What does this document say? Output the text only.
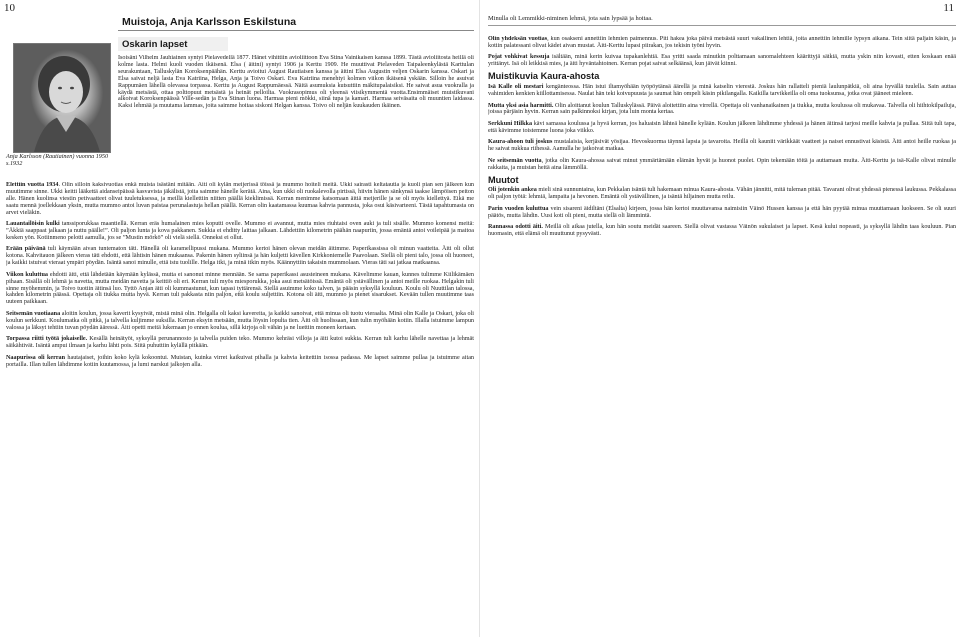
10	11
Muistoja, Anja Karlsson Eskilstuna
Oskarin lapset
Anja Karlsson (Rautiainen) vuonna 1950 s.1932

Isoisäni Vilhelm Jauhiainen syntyi Pielavedellä 1877. Hänet vihittiin avioliittoon Eva Stina Vainikaisen kanssa 1899. Tästä avioliitosta heillä oli kolme lasta. Helmi kuoli vuoden ikäisenä. Elsa ( äitini) syntyi 1906 ja Kerttu 1909. He muuttivat Pielaveden Taipaleenkylästä Karttulan seurakuntaan, Talluskylän Koroksenpäähän. Kerttu avioitui August Rautiaisen kanssa ja äitini Elsa Augustin veljen Oskarin kanssa. Oskari ja Elsa saivat neljä lasta Eva Katriina, Helga, Anja ja Toivo Oskari. Eva Katriina menehtyi kolmen viikon ikäisenä yskään. Silloin he asuivat Rappumäen lähellä olevassa torpassa. Kerttu ja August Rappumäessä. Näitä asumuksia kutsuttiin mäkitupalaisiksi. He saivat asua vuokralla ja käydä metsästä, ottaa polttopuut metsästä ja heinät pelloilta. Vuokrasopimus oli yleensä viisikymmentä vuotta.Ensimmäiset muistikuvani alkoivat Koroksenpäässä Ville-sedän ja Eva Stinan luona. Harmaa pieni mökki, siinä tupa ja kamari. Harmaa seiväsaita oli muuntien laidassa. Kaksi lehmää ja muutama lammas, joita saimme hoitaa siskoni Helgan kanssa. Toivo oli neljän kuukauden ikäinen.

Elettiin vuotta 1934. Olin silloin kaksivuotias enkä muista isästäni mitään. Äiti oli kylän meijerissä töissä ja mummo hoiteli meitä. Ukki sairasti keltatautia ja kuoli pian sen jälkeen kun muutimme sinne. Ukki keitti lääkettä aidanseipäissä kasvavista jäkälistä, joita saimme hänelle kerätä. Aina, kun ukki oli ruokalevolla pirtissä, hiivin hänen sänkynsä taakse lämpöisen peiton alle. Hänen kuolinsa viestin petivaatteet olivat tuuletuksessa, ja meillä kiellettiin niitten päällä kieklimissä. Kerran menimme katsomaan äitiä meijerille ja se oli myös kiellettyä. Eikä me saatu mennä joellekkaan yksin, mutta mummo antoi luvan paistaa perunalastuja hellan päällä. Kerran olin kaatamassa kuumaa kahvia pannusta, joka osui käsivarteeni. Tästä tapahtumasta on arvet vieläkin.

Lauantailöisin kulki tanssiporukkaa maantiellä. Kerran eräs humalainen mies koputti ovelle. Mummo ei avannut, mutta mies riuhtaisi oven auki ja tuli sisälle. Mummo komensi meitä: ”Äkkiä saappaat jalkaan ja nuttu päälle!”. Oli paljon lunta ja kova pakkanen. Sukkia ei ehditty laittaa jalkaan. Lähdettiin kilometrin päähän naapuriin, jossa emäntä antoi voileipää ja maitoa kesken yön. Kotiinmeno pelotti aamulla, jos se ”Mustin mörkö” oli vielä siellä. Onneksi ei ollut.

Erään päivänä tuli käymään aivan tuntematon täti. Hänellä oli karamellipussi mukana. Mummo kertoi hänen olevan meidän äitimme. Paperikassissa oli minun vaatteita. Äiti oli ollut kotona. Kahvitauon jälkeen vieras täti ehdotti, että lähtisin hänen mukaansa. Pakenin hänen syliinsä ja hän kuljetti kävellen Kirkkoniemelle Paavolaan. Siellä oli pieni talo, jossa oli huoneet, ja kaikki istuivat vieraat ympäri pöydän. Isäntä sanoi minulle, että istu tuolille. Helga itki, ja minä itkin myös. Käännyttiin takaisin mummolaan. Vieras täti sai jatkaa matkaansa.

Viikon kuluttua ehdotti äiti, että lähdetään käymään kylässä, mutta ei sanonut minne mennään. Se sama paperikassi asusteineen mukana. Kävelimme kauan, kunnes tulimme Kiilikämäen pihaan. Sisällä oli lehmä ja navetta, mutta meidän navetta ja keittiö oli eri. Kerran tuli myös miesporukka, joka asui metsätöissä. Emäntä oli ystävällinen ja antoi meille ruokaa. Helgakin tuli sinne myöhemmin, ja Toivo tuotiin äitinsä luo. Tyttö Anjan äiti oli kummastunut, kun tapasi tyttärensä. Siellä asuimme koko talven, ja pääsin syksyllä kouluun. Koulu oli Nuuttilan talossa, kahden kilometrin päässä. Opettaja oli tiukka mutta hyvä. Kerran tuli pakkasta niin paljon, että koulu suljettiin. Kotona oli äiti, mummo ja pienet sisarukset. Kevään tullen muutimme taas uuteen paikkaan.

Seitsemän vuotiaana aloitin koulun, jossa kaverit kysyivät, mistä minä olin. Helgalla oli kaksi kavereita, ja kaikki sanoivat, että minua oli tuotu vieraalta. Minä olin Kalle ja Oskari, joka oli koulun serkkuni. Koulumatka oli pitkä, ja talvella kuljimme suksilla. Kerran eksyin metsään, mutta löysin lopulta tien. Äiti oli huolissaan, kun tulin myöhään kotiin. Illalla istuimme lampun valossa ja läksyt tehtiin tuvan pöydän ääressä. Äiti opetti meitä lukemaan jo ennen koulua, sillä kirjoja oli vähän ja ne luettiin moneen kertaan.

Torpassa riitti työtä jokaiselle. Kesällä heinätyöt, syksyllä perunannosto ja talvella puiden teko. Mummo kehräsi villoja ja äiti kutoi sukkia. Kerran tuli karhu lähelle navettaa ja lehmät säikähtivät. Isäntä ampui ilmaan ja karhu lähti pois. Siitä puhuttiin kylällä pitkään.

Naapurissa oli kerran hautajaiset, joihin koko kylä kokoontui. Muistan, kuinka virret kaikuivat pihalla ja kahvia keitettiin isossa padassa. Me lapset saimme pullaa ja istuimme aitan portailla. Illan tullen lähdimme kotiin kuutamossa, ja lumi narskui jalkojen alla.

Minulla oli Lemmikki-niminen lehmä, jota sain lypsää ja hoitaa.

Olin yhdeksän vuotias, kun osakseni annettiin lehmien paimennus. Piti hakea joka päivä metsästä suuri vakallinen lehtiä, joita annettiin lehmille lypsyn aikana. Tein siitä paljain käsin, ja kotiin palatessani olivat kädet aivan mustat. Äiti-Kerttu lupasi piirakan, jos tekisin työni hyvin.

Pojat vohkivat kessuja isältään, minä kerin kuivaa tupakanlehtiä. Esa yritti saada minutkin polttamaan sanomalehteen käärittyjä sätkiä, mutta yskin niin kovasti, etten koskaan enää yrittänyt. Isä oli leikkisä mies, ja äiti hyväntahtoinen. Kerran pojat saivat selkäänsä, kun jäivät kiinni.

Muistikuvia Kaura-ahosta

Isä Kalle oli mestari kengänteossa. Hän istui iltamyöhään työpöytänsä äärellä ja minä katselin vierestä. Joskus hän rallatteli pieniä laulunpätkiä, oli aina hyvällä tuulella. Sain auttaa vahimiden kenkien kiillottamisessa. Naulat hän teki koivupuusta ja saumat hän ompeli käsin pikilangalla. Kaikilla tarvikkeilla oli oma tuoksunsa, jotka ovat jääneet mieleen.

Mutta yksi asia harmitti. Olin aloittanut koulun Talluskylässä. Päivä aloitettiin aina virrellä. Opettaja oli vanhanaikainen ja tiukka, mutta koulussa oli mukavaa. Talvella oli hiihtokilpailuja, joissa pärjäsin hyvin. Kerran sain palkinnoksi kirjan, jota luin monta kertaa.

Serkkuni Hilkka kävi samassa koulussa ja hyvä kerran, jos haluaisin lähteä hänelle kylään. Koulun jälkeen lähdimme yhdessä ja hänen äitinsä tarjosi meille kahvia ja pullaa. Siitä tuli tapa, että kävimme toistemme luona joka viikko.

Kaura-ahoon tuli joskus mustalaisia, kerjäsivät yösijaa. Hevoskuorma täynnä lapsia ja tavaroita. Heillä oli kauniit värikkäät vaatteet ja naiset ennustivat käsistä. Äiti antoi heille ruokaa ja he saivat nukkua riihessä. Aamulla he jatkoivat matkaa.

Ne seitsemän vuotta, jotka olin Kaura-ahossa saivat minut ymmärtämään elämän hyvät ja huonot puolet. Opin tekemään töitä ja auttamaan muita. Äiti-Kerttu ja isä-Kalle olivat minulle rakkaita, ja muistan heitä aina lämmöllä.

Muutot

Oli jotenkin ankea mieli sinä sunnuntaina, kun Pekkalan isäntä tuli hakemaan minua Kaura-ahosta. Vähän jännitti, mitä tuleman pitää. Tavarani olivat yhdessä pienessä laukussa. Pekkalassa oli paljon työtä: lehmiä, lampaita ja hevonen. Emäntä oli ystävällinen, ja isäntä hiljainen mutta reilu.

Parin vuoden kuluttua vein sisareni äidiltäni (Elsalta) kirjeen, jossa hän kertoi muuttavansa naimisiin Väinö Hussen kanssa ja että hän pyytää minua muuttamaan luokseen. Se oli suuri päätös, mutta lähdin. Uusi koti oli pieni, mutta siellä oli lämmintä.

Rannassa odotti äiti. Meillä oli aikaa jutella, kun hän soutu meidät saareen. Siellä olivat vastassa Väinön sukulaiset ja lapset. Kesä kului nopeasti, ja syksyllä lähdin taas kouluun. Pian huomasin, että elämä oli muuttunut pysyvästi.
